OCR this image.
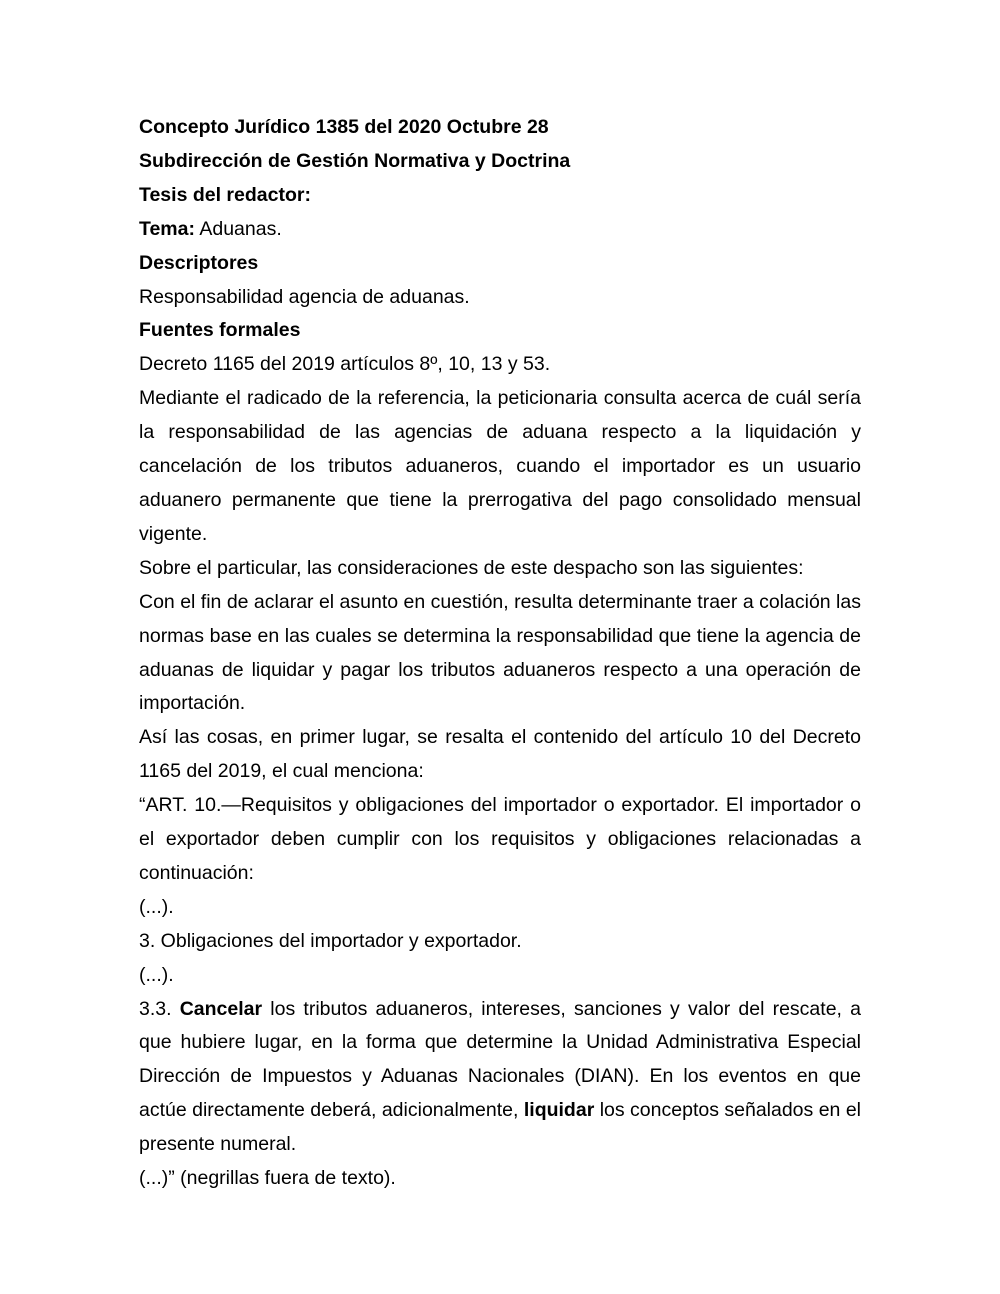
Concepto Jurídico 1385 del 2020 Octubre 28

Subdirección de Gestión Normativa y Doctrina

Tesis del redactor:

Tema: Aduanas.

Descriptores

Responsabilidad agencia de aduanas.

Fuentes formales

Decreto 1165 del 2019 artículos 8º, 10, 13 y 53.

Mediante el radicado de la referencia, la peticionaria consulta acerca de cuál sería la responsabilidad de las agencias de aduana respecto a la liquidación y cancelación de los tributos aduaneros, cuando el importador es un usuario aduanero permanente que tiene la prerrogativa del pago consolidado mensual vigente.

Sobre el particular, las consideraciones de este despacho son las siguientes:

Con el fin de aclarar el asunto en cuestión, resulta determinante traer a colación las normas base en las cuales se determina la responsabilidad que tiene la agencia de aduanas de liquidar y pagar los tributos aduaneros respecto a una operación de importación.

Así las cosas, en primer lugar, se resalta el contenido del artículo 10 del Decreto 1165 del 2019, el cual menciona:

“ART. 10.—Requisitos y obligaciones del importador o exportador. El importador o el exportador deben cumplir con los requisitos y obligaciones relacionadas a continuación:

(...).

3. Obligaciones del importador y exportador.

(...).

3.3. Cancelar los tributos aduaneros, intereses, sanciones y valor del rescate, a que hubiere lugar, en la forma que determine la Unidad Administrativa Especial Dirección de Impuestos y Aduanas Nacionales (DIAN). En los eventos en que actúe directamente deberá, adicionalmente, liquidar los conceptos señalados en el presente numeral.

(...)” (negrillas fuera de texto).
